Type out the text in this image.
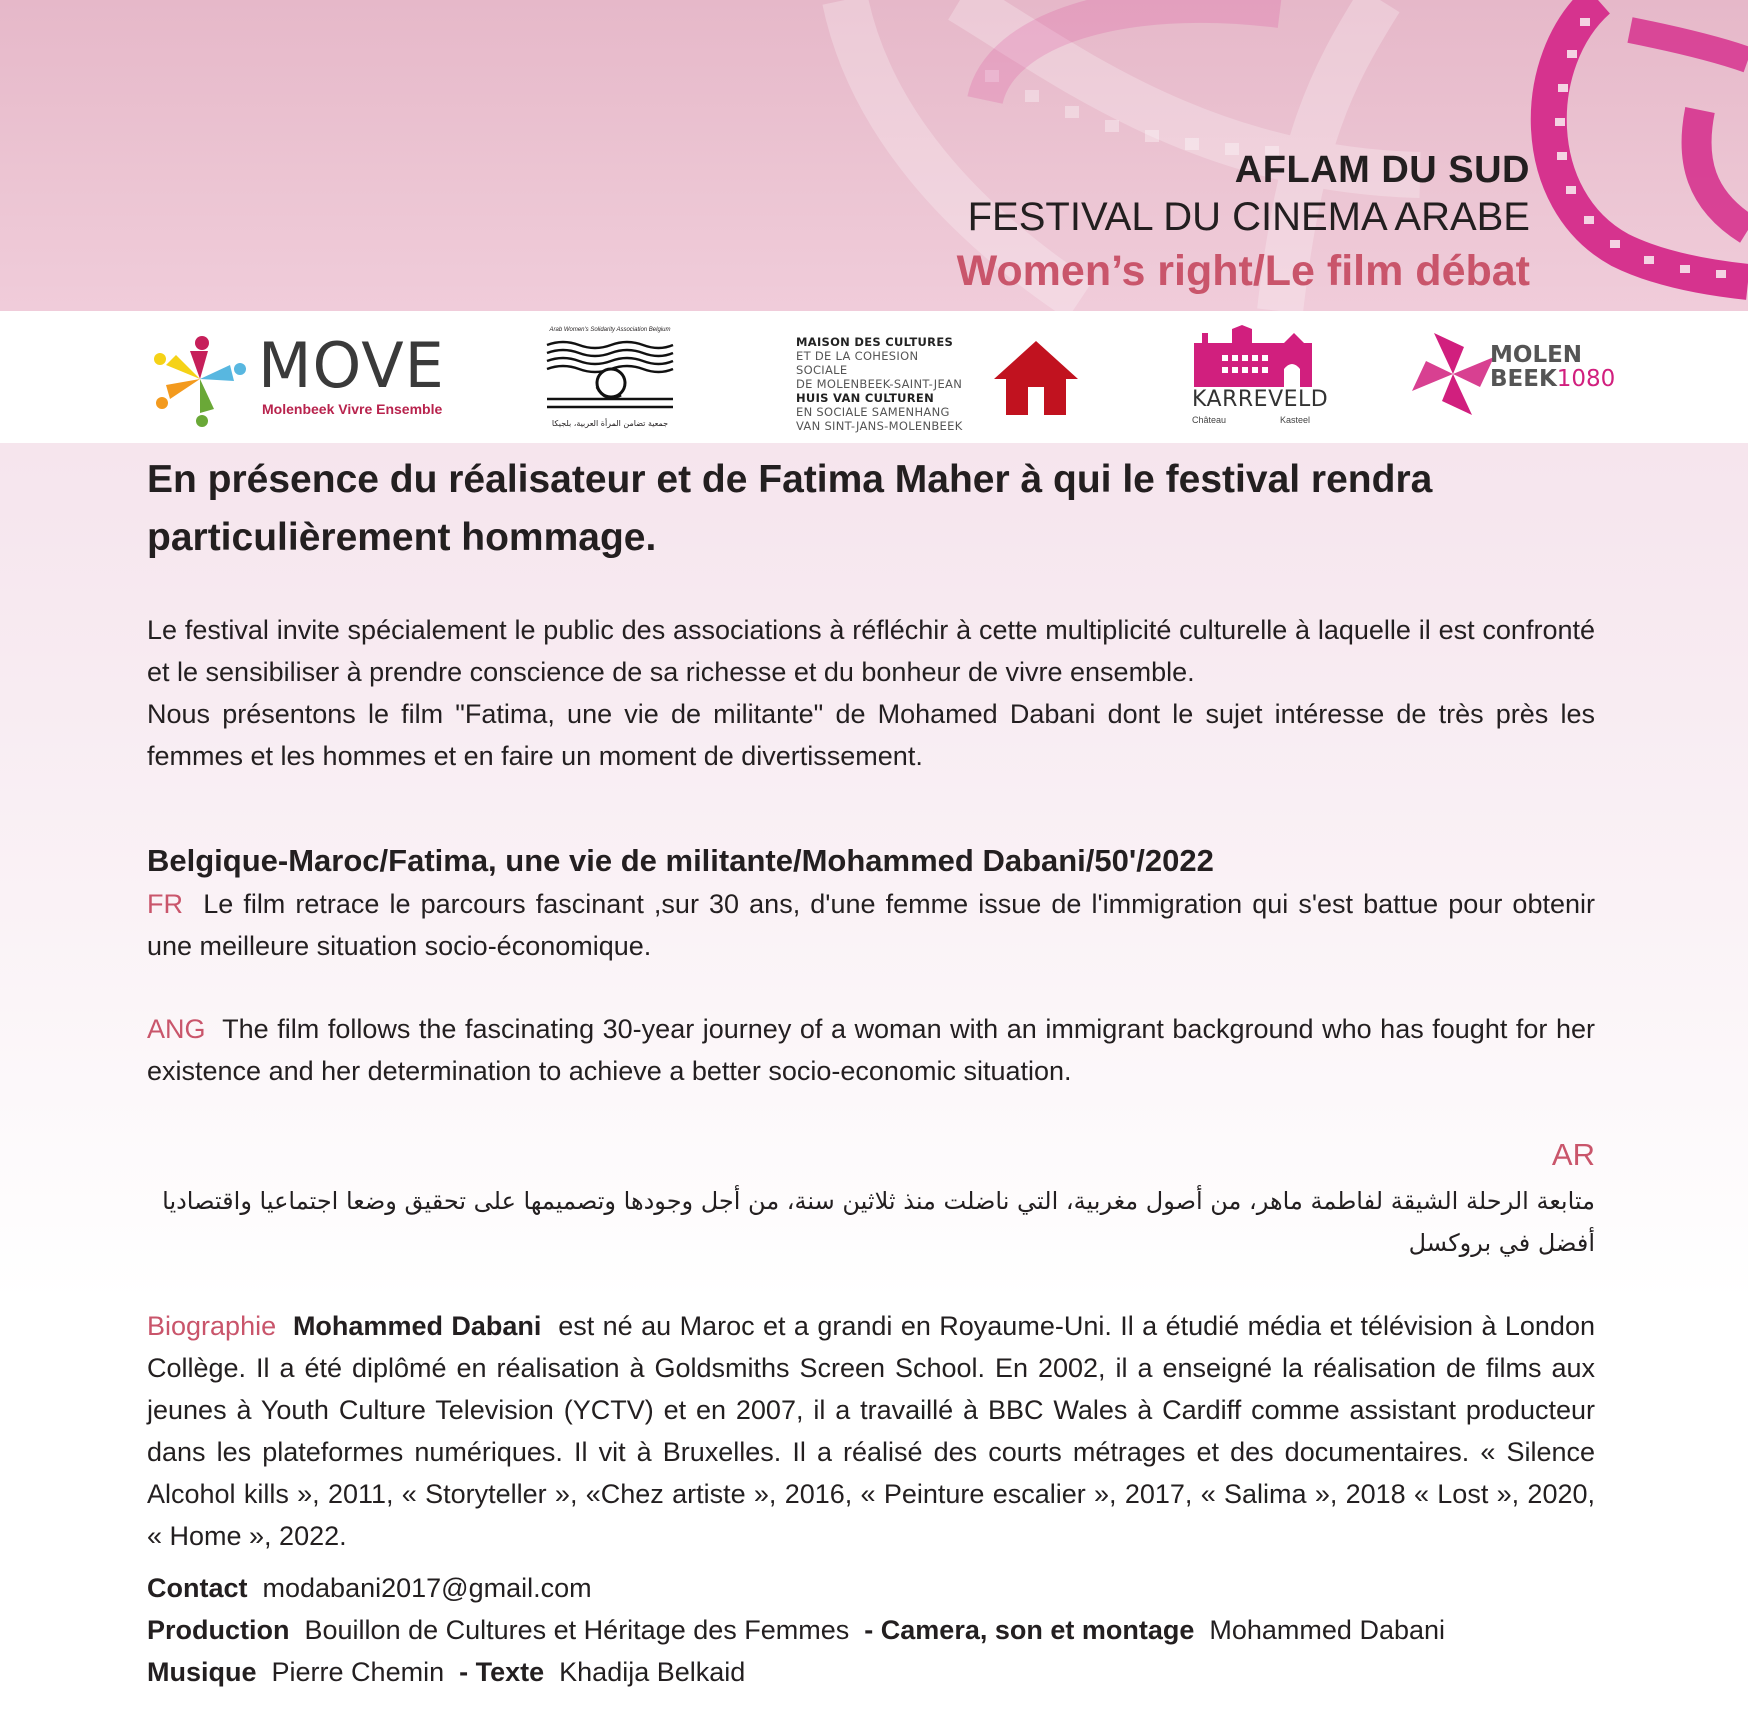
AFLAM DU SUD
FESTIVAL DU CINEMA ARABE
Women’s right/Le film débat
MOVE
Molenbeek Vivre Ensemble
Arab Women's Solidarity Association Belgium
جمعية تضامن المرأة العربية، بلجيكا
MAISON DES CULTURES
ET DE LA COHESION SOCIALE
DE MOLENBEEK-SAINT-JEAN
HUIS VAN CULTUREN
EN SOCIALE SAMENHANG
VAN SINT-JANS-MOLENBEEK
KARREVELD
Château	Kasteel
MOLEN
BEEK1080
En présence du réalisateur et de Fatima Maher à qui le festival rendra particulièrement hommage.
Le festival invite spécialement le public des associations à réfléchir à cette multiplicité culturelle à laquelle il est confronté et le sensibiliser à prendre conscience de sa richesse et du bonheur de vivre ensemble.
Nous présentons le film "Fatima, une vie de militante" de Mohamed Dabani dont le sujet intéresse de très près les femmes et les hommes et en faire un moment de divertissement.
Belgique-Maroc/Fatima, une vie de militante/Mohammed Dabani/50'/2022
FR Le film retrace le parcours fascinant ,sur 30 ans, d'une femme issue de l'immigration qui s'est battue pour obtenir une meilleure situation socio-économique.
ANG The film follows the fascinating 30-year journey of a woman with an immigrant background who has fought for her existence and her determination to achieve a better socio-economic situation.
AR
متابعة الرحلة الشيقة لفاطمة ماهر، من أصول مغربية، التي ناضلت منذ ثلاثين سنة، من أجل وجودها وتصميمها على تحقيق وضعا اجتماعيا واقتصاديا أفضل في بروكسل
Biographie Mohammed Dabani est né au Maroc et a grandi en Royaume-Uni. Il a étudié média et télévision à London Collège. Il a été diplômé en réalisation à Goldsmiths Screen School. En 2002, il a enseigné la réalisation de films aux jeunes à Youth Culture Television (YCTV) et en 2007, il a travaillé à BBC Wales à Cardiff comme assistant producteur dans les plateformes numériques. Il vit à Bruxelles. Il a réalisé des courts métrages et des documentaires. « Silence Alcohol kills », 2011, « Storyteller », «Chez artiste », 2016, « Peinture escalier », 2017, « Salima », 2018 « Lost », 2020, « Home », 2022.
Contact modabani2017@gmail.com
Production Bouillon de Cultures et Héritage des Femmes - Camera, son et montage Mohammed Dabani
Musique Pierre Chemin - Texte Khadija Belkaid
